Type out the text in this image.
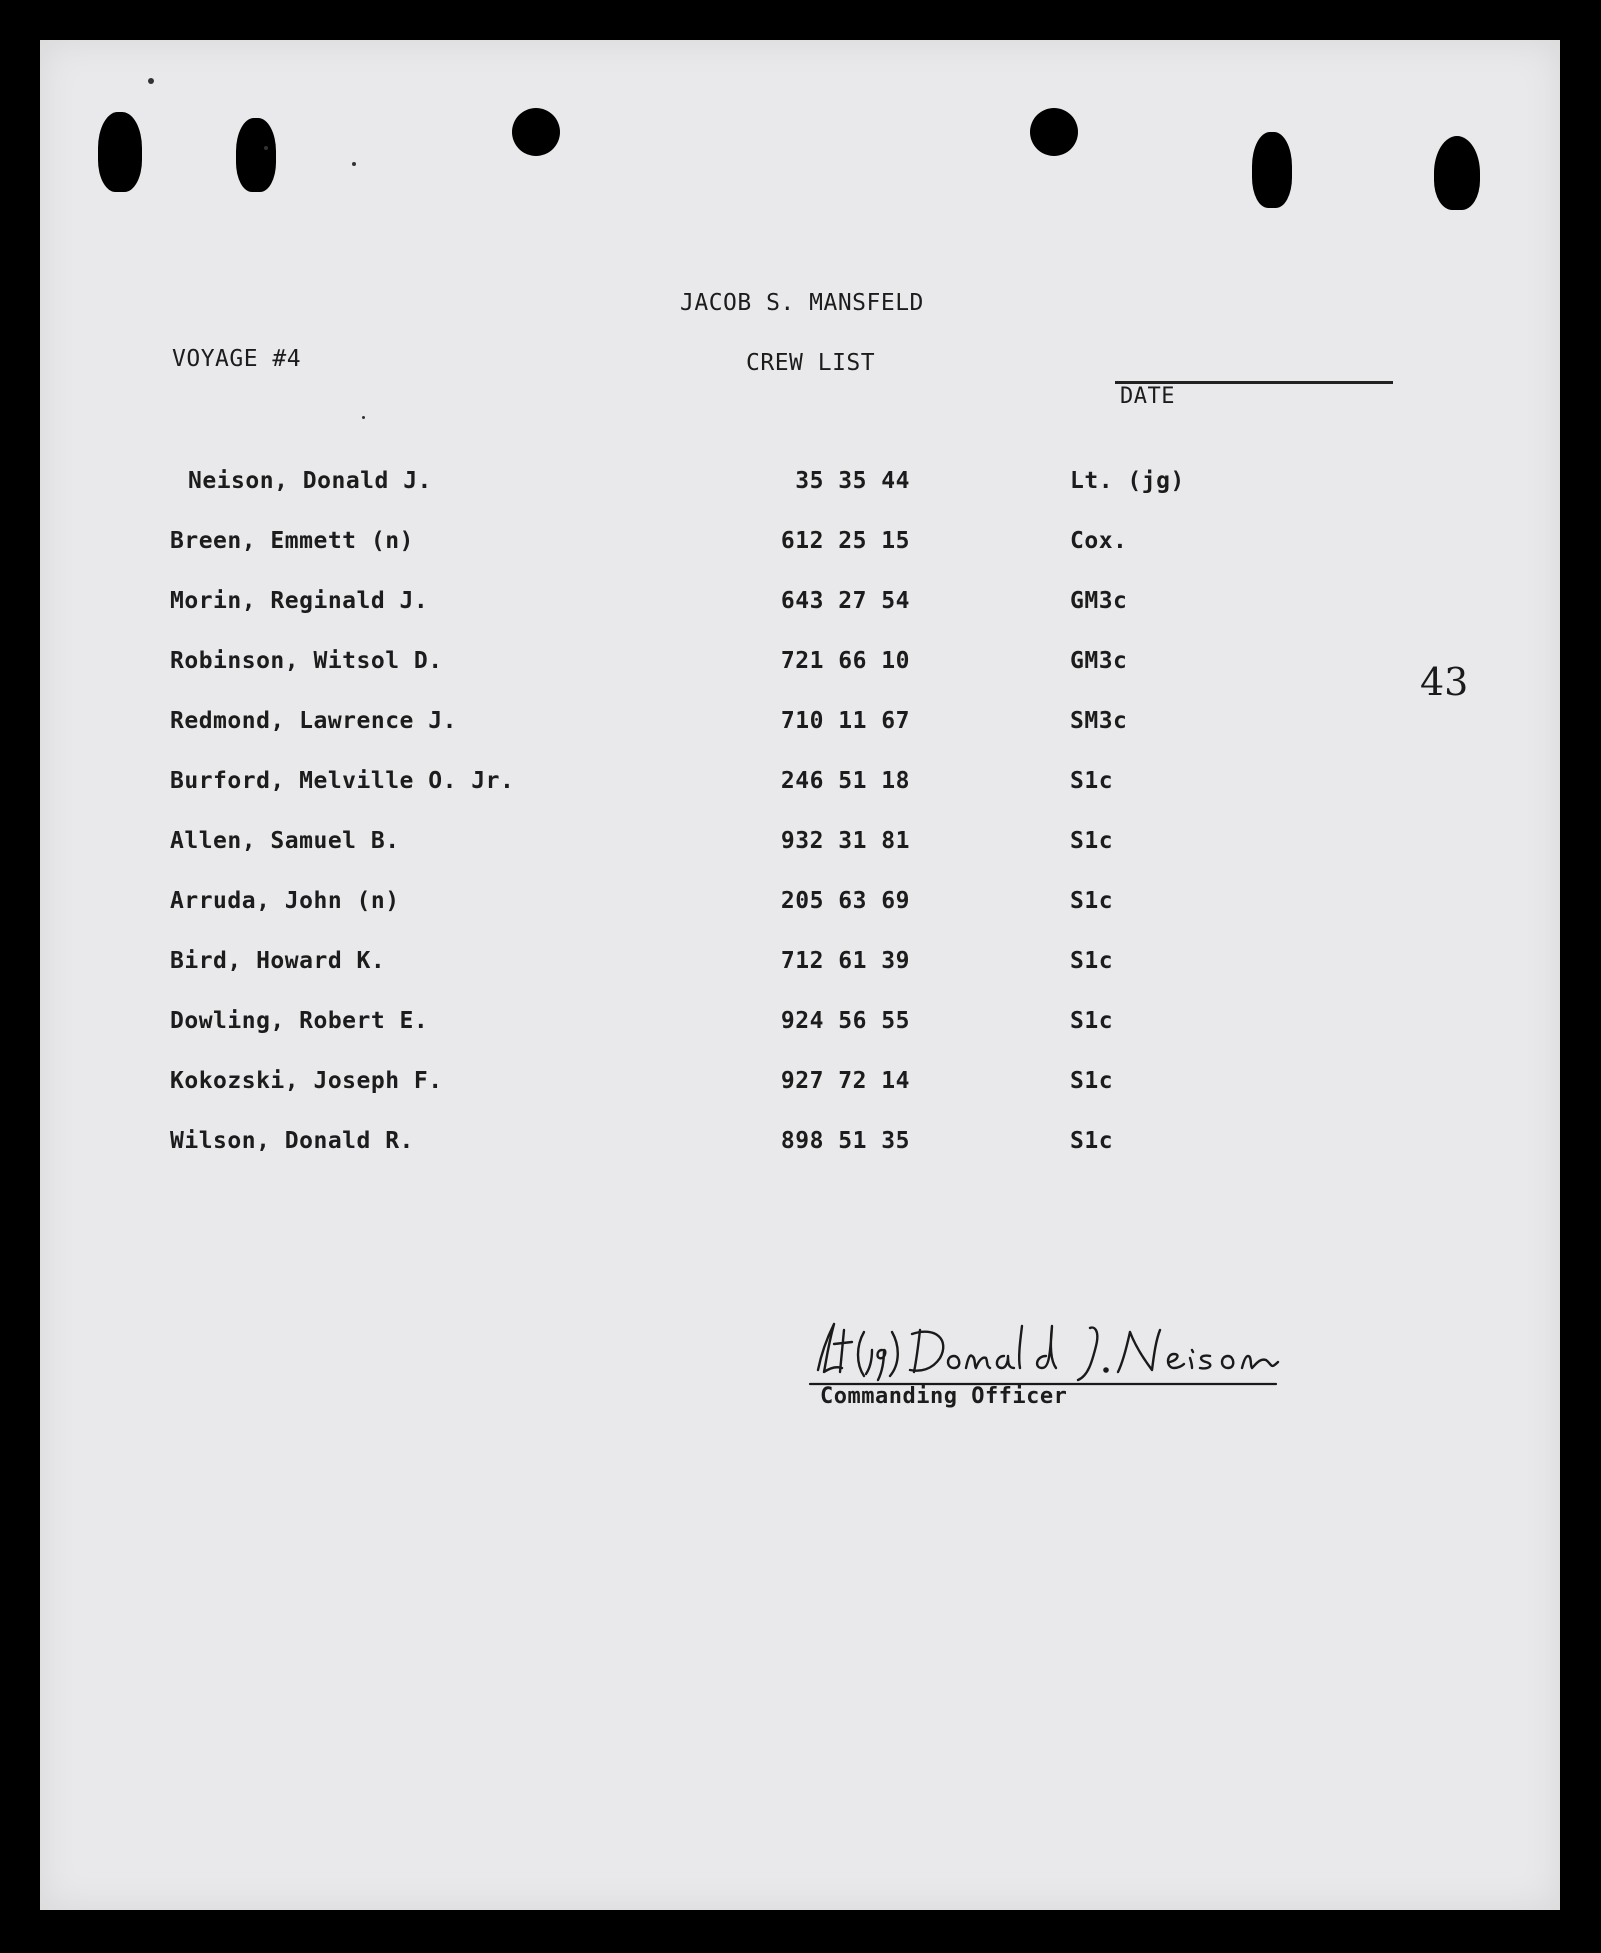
JACOB S. MANSFELD
VOYAGE #4	CREW LIST
DATE
Neison, Donald J.	35 35 44	Lt. (jg)
Breen, Emmett (n)	612 25 15	Cox.
Morin, Reginald J.	643 27 54	GM3c
Robinson, Witsol D.	721 66 10	GM3c
Redmond, Lawrence J.	710 11 67	SM3c
Burford, Melville O. Jr.	246 51 18	S1c
Allen, Samuel B.	932 31 81	S1c
Arruda, John (n)	205 63 69	S1c
Bird, Howard K.	712 61 39	S1c
Dowling, Robert E.	924 56 55	S1c
Kokozski, Joseph F.	927 72 14	S1c
Wilson, Donald R.	898 51 35	S1c
43
Commanding Officer
